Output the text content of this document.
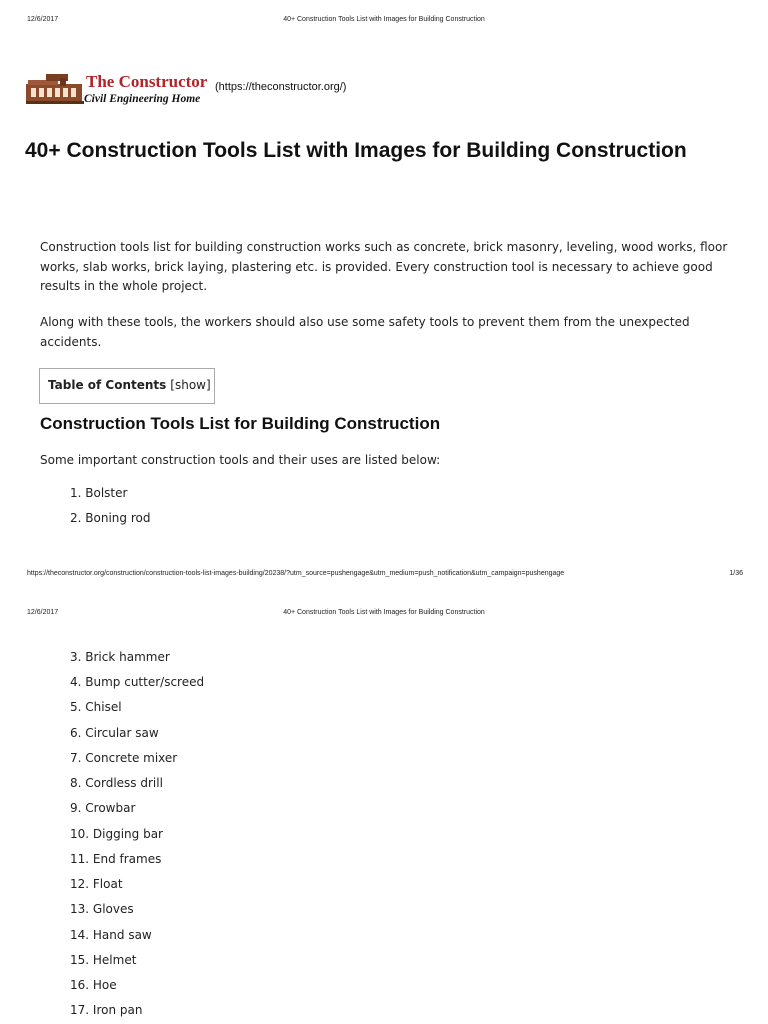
12/6/2017	40+ Construction Tools List with Images for Building Construction
The Constructor
Civil Engineering Home
(https://theconstructor.org/)
40+ Construction Tools List with Images for Building Construction

Construction tools list for building construction works such as concrete, brick masonry, leveling, wood works, floor works, slab works, brick laying, plastering etc. is provided. Every construction tool is necessary to achieve good results in the whole project.

Along with these tools, the workers should also use some safety tools to prevent them from the unexpected accidents.

Table of Contents [show]
Construction Tools List for Building Construction

Some important construction tools and their uses are listed below:

1. Bolster

2. Boning rod

https://theconstructor.org/construction/construction-tools-list-images-building/20238/?utm_source=pushengage&utm_medium=push_notification&utm_campaign=pushengage	1/36
12/6/2017	40+ Construction Tools List with Images for Building Construction

3. Brick hammer

4. Bump cutter/screed

5. Chisel

6. Circular saw

7. Concrete mixer

8. Cordless drill

9. Crowbar

10. Digging bar

11. End frames

12. Float

13. Gloves

14. Hand saw

15. Helmet

16. Hoe

17. Iron pan
